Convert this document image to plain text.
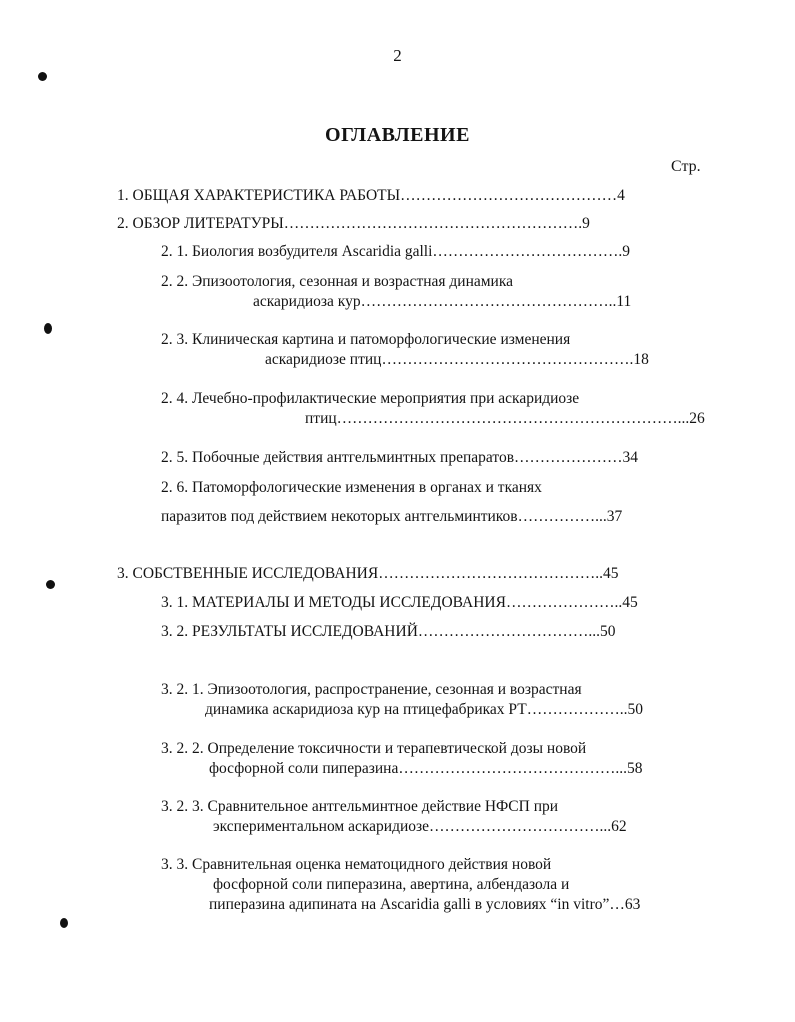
2
ОГЛАВЛЕНИЕ
Стр.
1. ОБЩАЯ ХАРАКТЕРИСТИКА РАБОТЫ……………………………………4
2. ОБЗОР ЛИТЕРАТУРЫ………………………………………………….9
2. 1. Биология возбудителя Ascaridia galli……………………………….9
2. 2. Эпизоотология, сезонная и возрастная динамика
аскаридиоза кур…………………………………………..11
2. 3. Клиническая картина и патоморфологические изменения
аскаридиозе птиц………………………………………….18
2. 4. Лечебно-профилактические мероприятия при аскаридиозе
птиц…………………………………………………………...26
2. 5. Побочные действия антгельминтных препаратов…………………34
2. 6. Патоморфологические изменения в органах и тканях
паразитов под действием некоторых антгельминтиков……………...37
3. СОБСТВЕННЫЕ ИССЛЕДОВАНИЯ……………………………………..45
3. 1. МАТЕРИАЛЫ И МЕТОДЫ ИССЛЕДОВАНИЯ…………………..45
3. 2. РЕЗУЛЬТАТЫ ИССЛЕДОВАНИЙ……………………………...50
3. 2. 1. Эпизоотология, распространение, сезонная и возрастная
динамика аскаридиоза кур на птицефабриках РТ………………..50
3. 2. 2. Определение токсичности и терапевтической дозы новой
фосфорной соли пиперазина……………………………………...58
3. 2. 3. Сравнительное антгельминтное действие НФСП при
экспериментальном аскаридиозе……………………………...62
3. 3. Сравнительная оценка нематоцидного действия новой
фосфорной соли пиперазина, авертина, албендазола и
пиперазина адипината на Ascaridia galli в условиях “in vitro”…63
